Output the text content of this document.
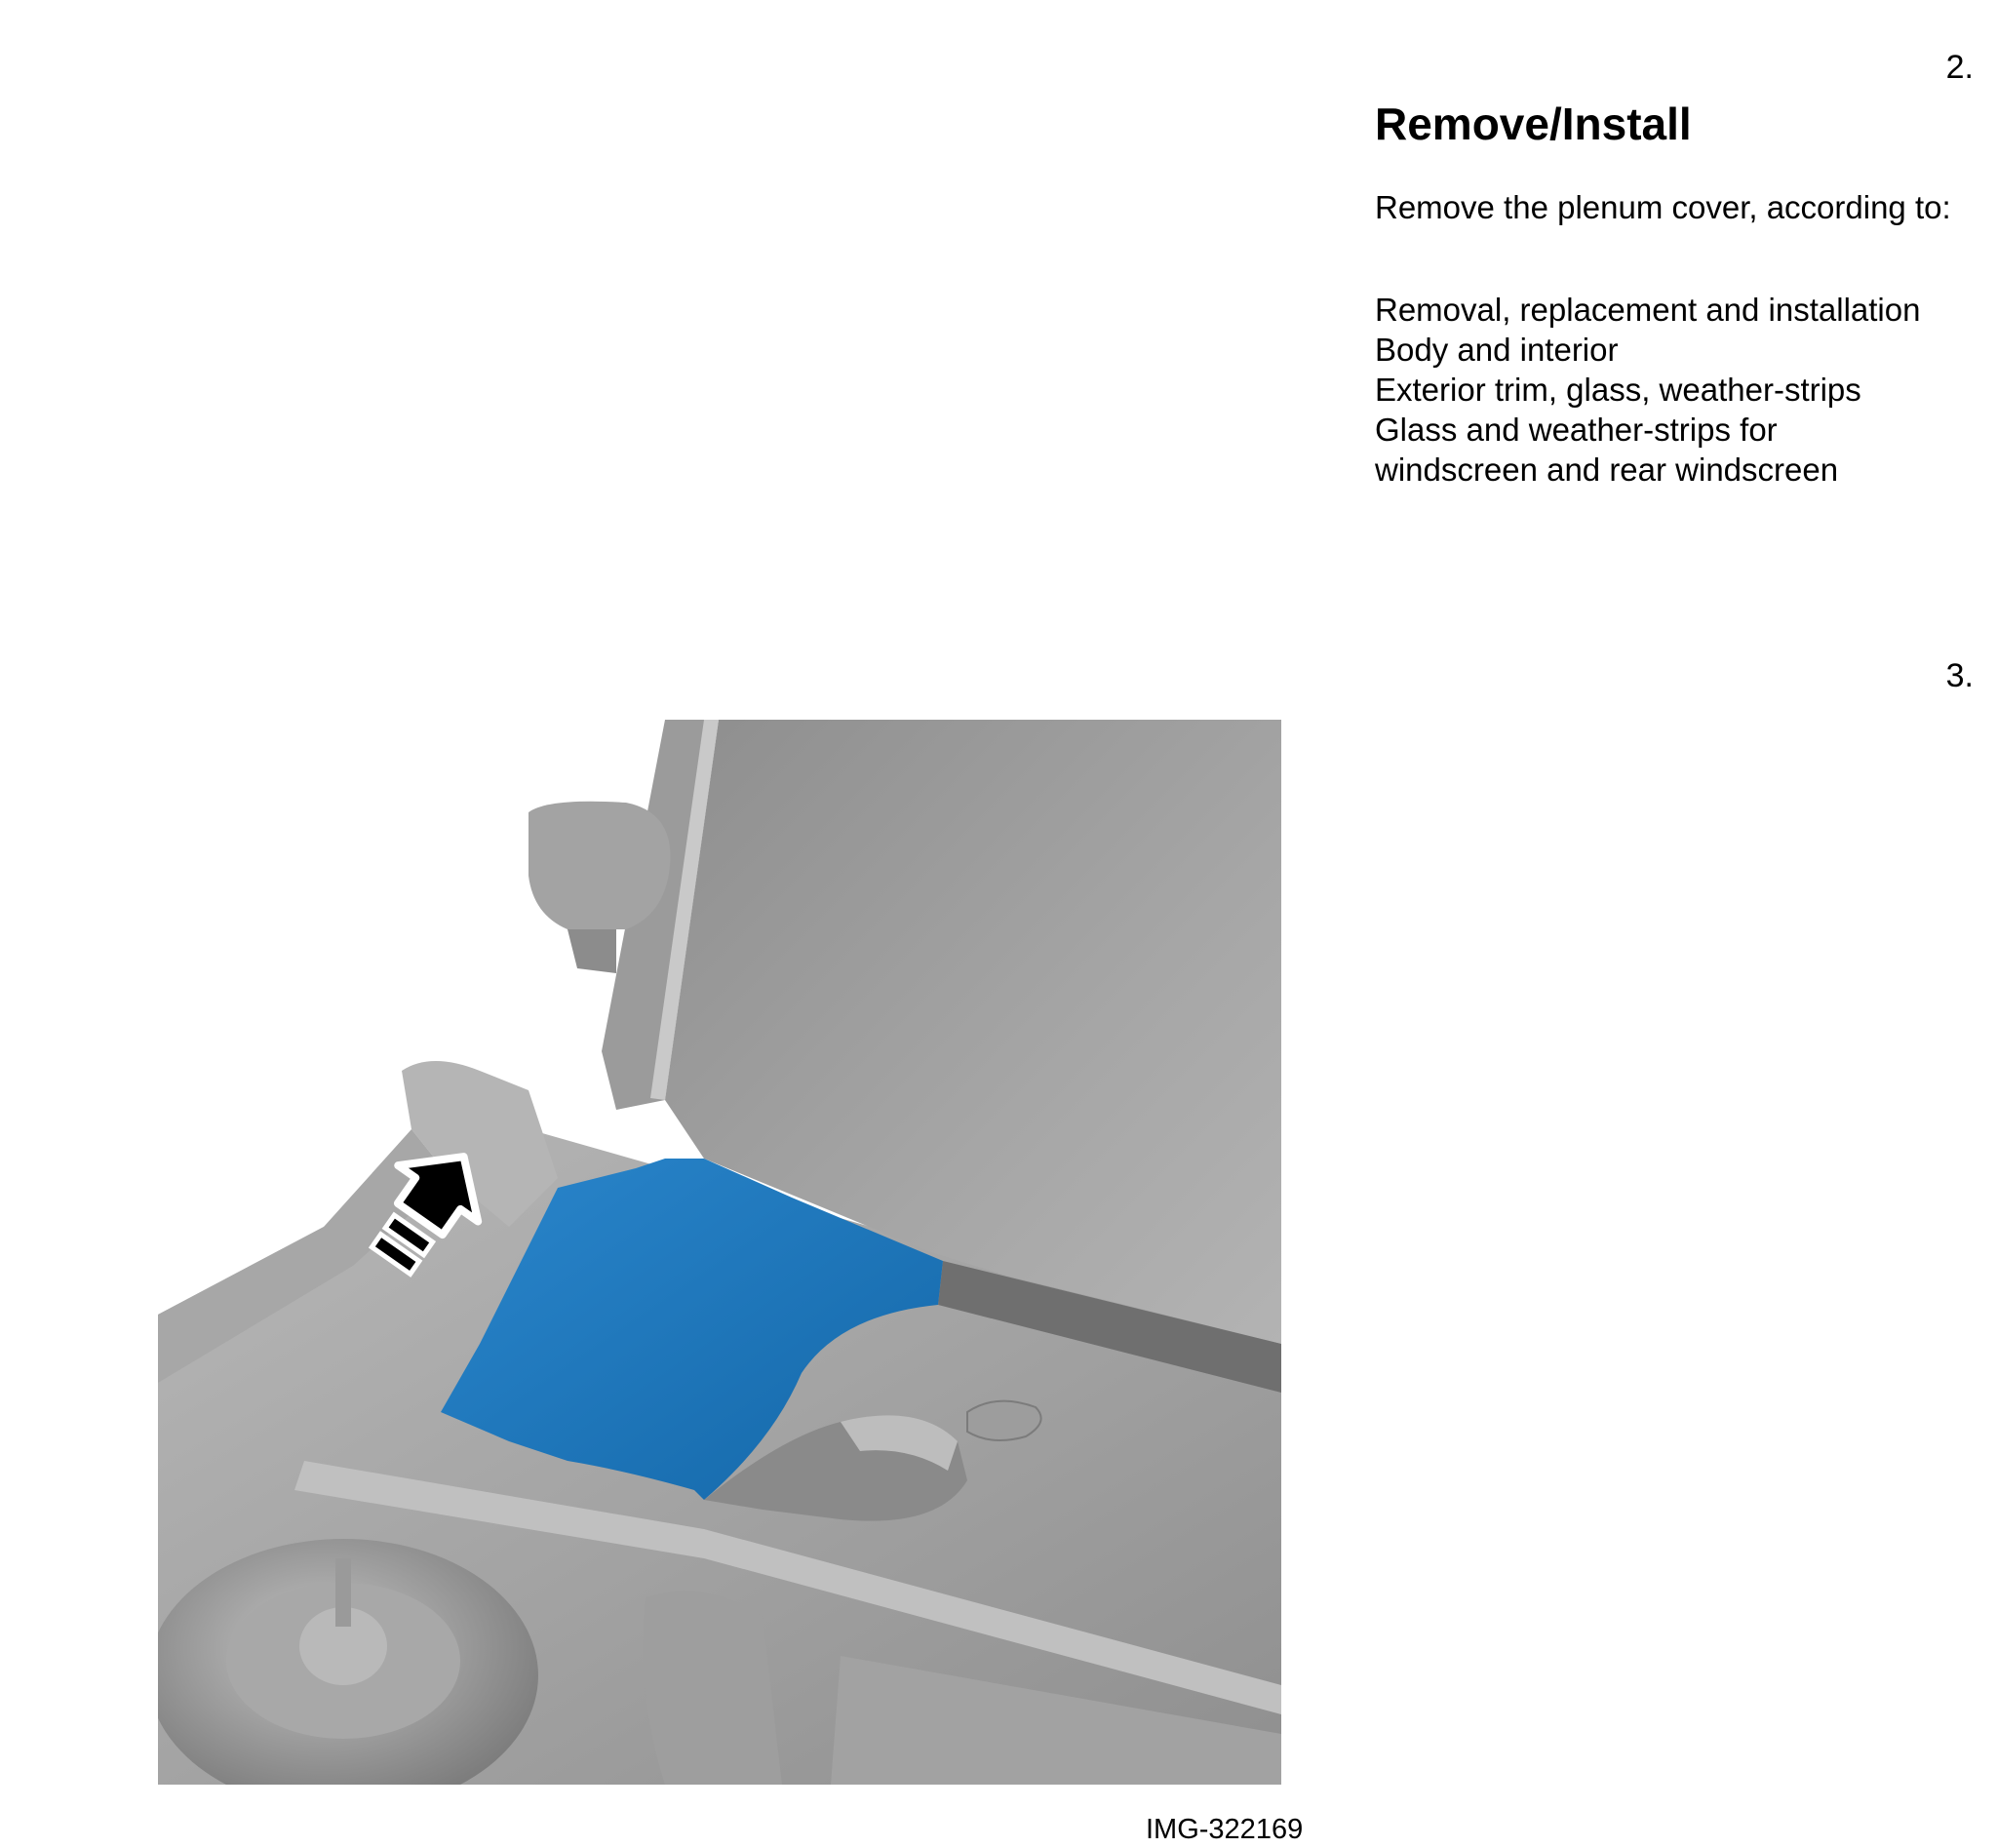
2.
Remove/Install

Remove the plenum cover, according to:

Removal, replacement and installation
Body and interior
Exterior trim, glass, weather-strips
Glass and weather-strips for
windscreen and rear windscreen

3.
IMG-322169
